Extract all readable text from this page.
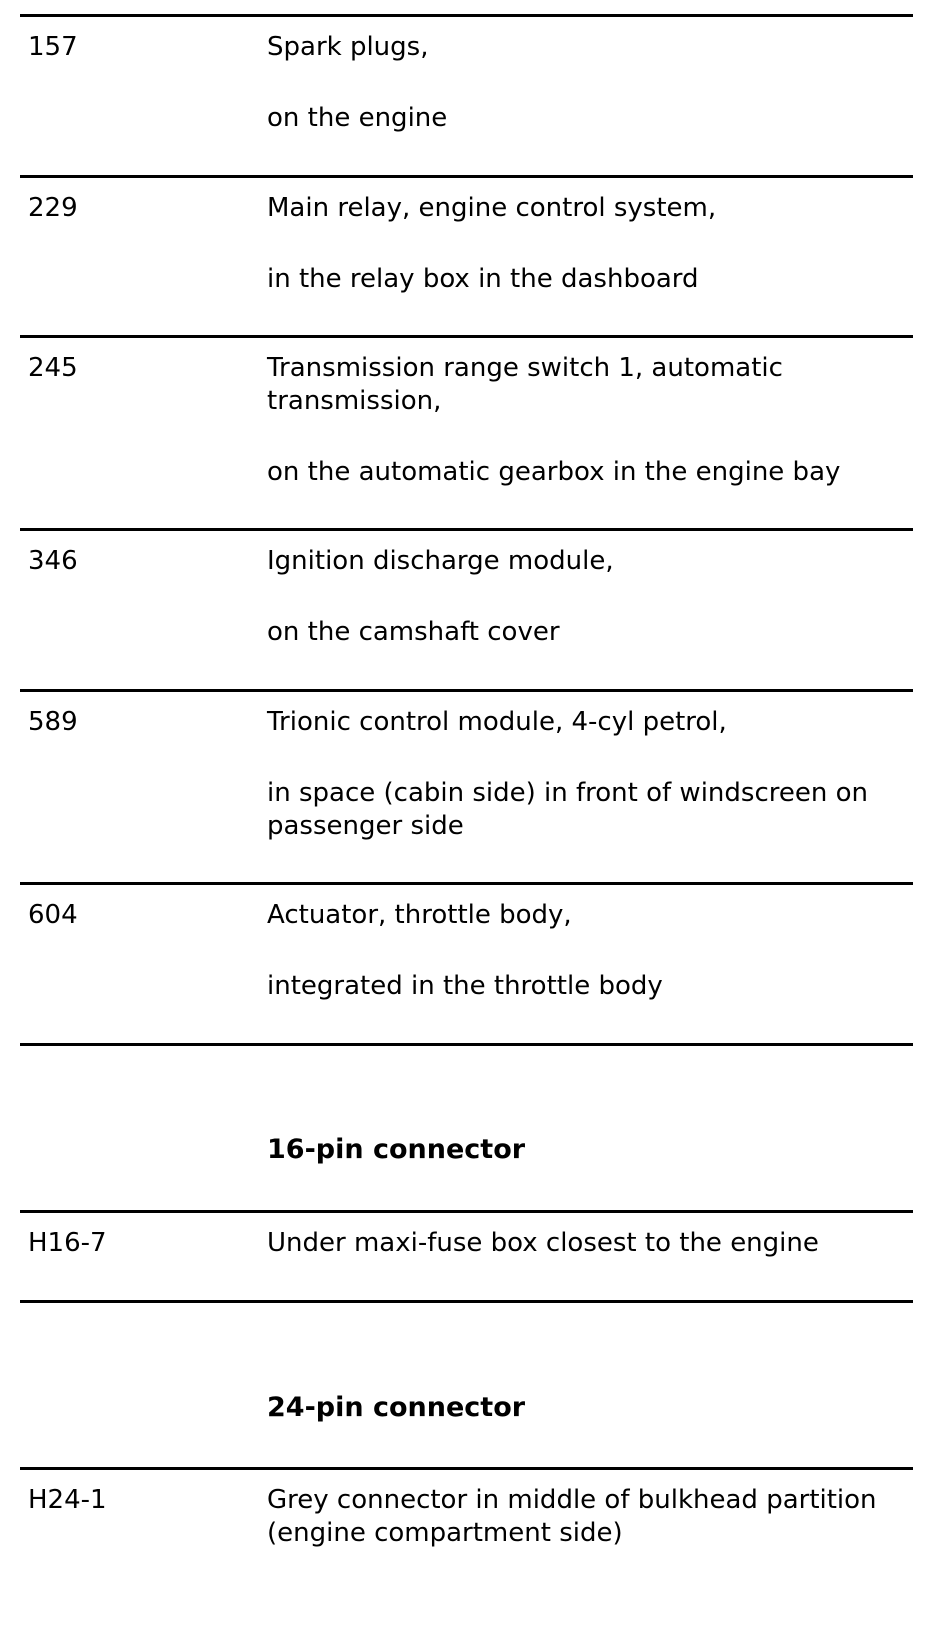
157	Spark plugs,

on the engine

229	Main relay, engine control system,

in the relay box in the dashboard

245	Transmission range switch 1, automatic transmission,

on the automatic gearbox in the engine bay

346	Ignition discharge module,

on the camshaft cover

589	Trionic control module, 4-cyl petrol,

in space (cabin side) in front of windscreen on passenger side

604	Actuator, throttle body,

integrated in the throttle body

16-pin connector
H16-7	Under maxi-fuse box closest to the engine

24-pin connector
H24-1	Grey connector in middle of bulkhead partition (engine compartment side)
